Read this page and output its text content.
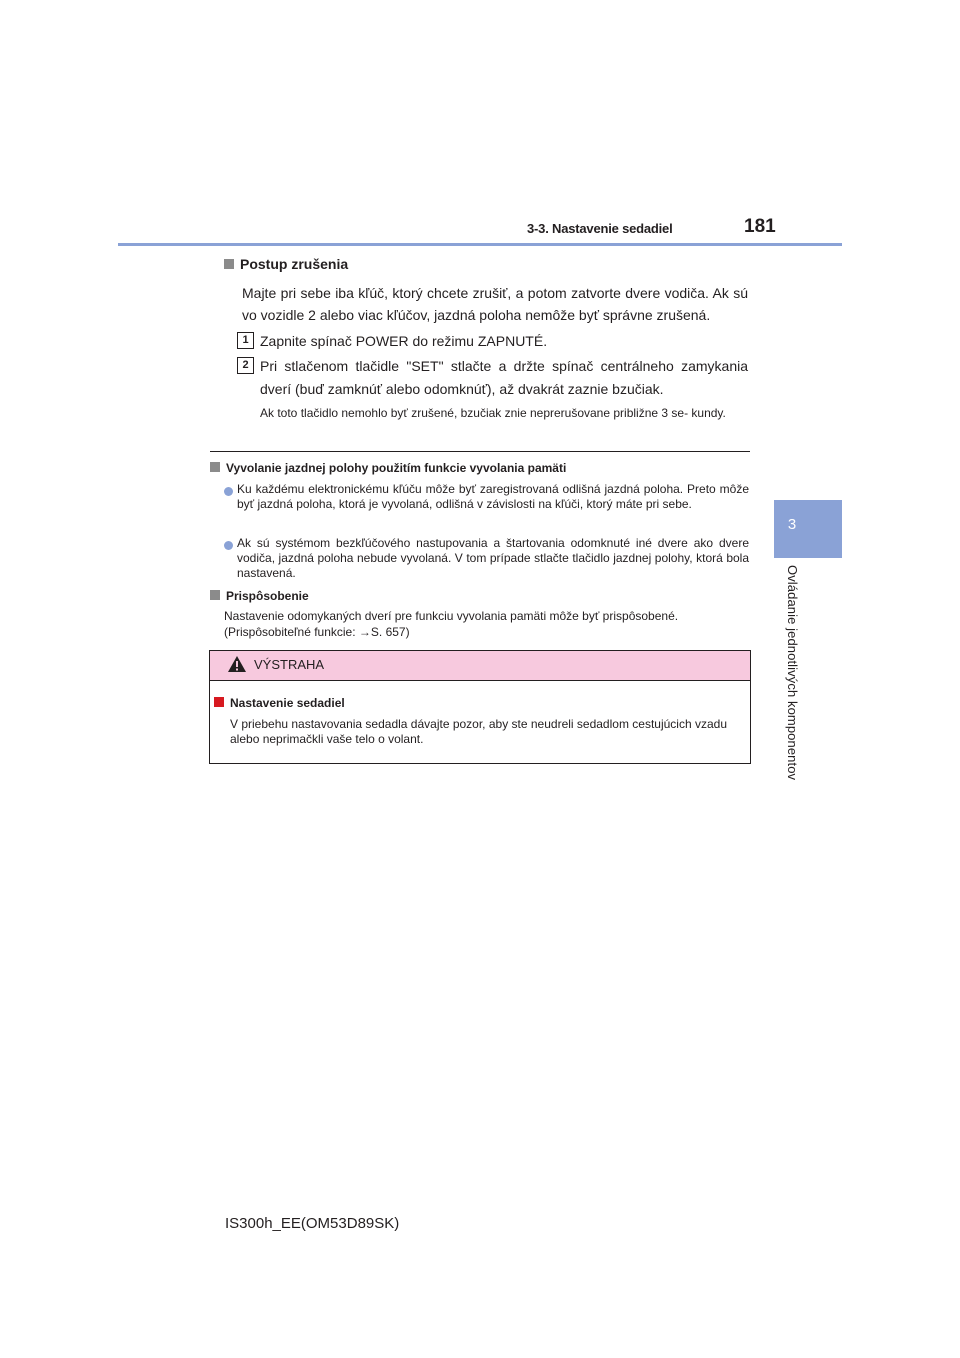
3-3. Nastavenie sedadiel	181
3
Ovládanie jednotlivých komponentov
Postup zrušenia
Majte pri sebe iba kľúč, ktorý chcete zrušiť, a potom zatvorte dvere vodiča. Ak sú vo vozidle 2 alebo viac kľúčov, jazdná poloha nemôže byť správne zrušená.
1 Zapnite spínač POWER do režimu ZAPNUTÉ.
2 Pri stlačenom tlačidle "SET" stlačte a držte spínač centrálneho zamykania dverí (buď zamknúť alebo odomknúť), až dvakrát zaznie bzučiak.
Ak toto tlačidlo nemohlo byť zrušené, bzučiak znie neprerušovane približne 3 se- kundy.
Vyvolanie jazdnej polohy použitím funkcie vyvolania pamäti
Ku každému elektronickému kľúču môže byť zaregistrovaná odlišná jazdná poloha. Preto môže byť jazdná poloha, ktorá je vyvolaná, odlišná v závislosti na kľúči, ktorý máte pri sebe.
Ak sú systémom bezkľúčového nastupovania a štartovania odomknuté iné dvere ako dvere vodiča, jazdná poloha nebude vyvolaná. V tom prípade stlačte tlačidlo jazdnej polohy, ktorá bola nastavená.
Prispôsobenie
Nastavenie odomykaných dverí pre funkciu vyvolania pamäti môže byť prispôsobené.
(Prispôsobiteľné funkcie: →S. 657)
VÝSTRAHA
Nastavenie sedadiel
V priebehu nastavovania sedadla dávajte pozor, aby ste neudreli sedadlom cestujúcich vzadu alebo neprimačkli vaše telo o volant.
IS300h_EE(OM53D89SK)
